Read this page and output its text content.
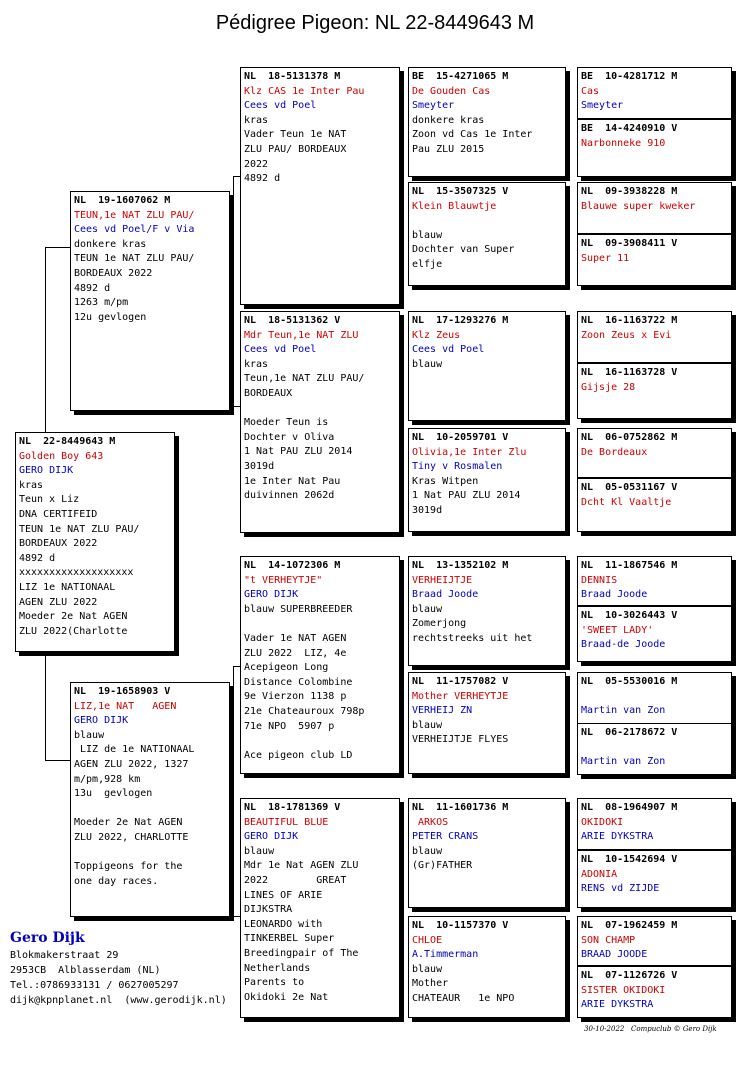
Pédigree Pigeon: NL 22-8449643 M
NL  22-8449643 M
Golden Boy 643
GERO DIJK
kras
Teun x Liz
DNA CERTIFEID
TEUN 1e NAT ZLU PAU/
BORDEAUX 2022
4892 d
xxxxxxxxxxxxxxxxxxx
LIZ 1e NATIONAAL
AGEN ZLU 2022
Moeder 2e Nat AGEN
ZLU 2022(Charlotte
NL  19-1607062 M
TEUN,1e NAT ZLU PAU/
Cees vd Poel/F v Via
donkere kras
TEUN 1e NAT ZLU PAU/
BORDEAUX 2022
4892 d
1263 m/pm
12u gevlogen
NL  19-1658903 V
LIZ,1e NAT   AGEN
GERO DIJK
blauw
LIZ de 1e NATIONAAL
AGEN ZLU 2022, 1327
m/pm,928 km
13u  gevlogen

Moeder 2e Nat AGEN
ZLU 2022, CHARLOTTE

Toppigeons for the
one day races.
NL  18-5131378 M
Klz CAS 1e Inter Pau
Cees vd Poel
kras
Vader Teun 1e NAT
ZLU PAU/ BORDEAUX
2022
4892 d
NL  18-5131362 V
Mdr Teun,1e NAT ZLU
Cees vd Poel
kras
Teun,1e NAT ZLU PAU/
BORDEAUX

Moeder Teun is
Dochter v Oliva
1 Nat PAU ZLU 2014
3019d
1e Inter Nat Pau
duivinnen 2062d
NL  14-1072306 M
"t VERHEYTJE"
GERO DIJK
blauw SUPERBREEDER

Vader 1e NAT AGEN
ZLU 2022  LIZ, 4e
Acepigeon Long
Distance Colombine
9e Vierzon 1138 p
21e Chateauroux 798p
71e NPO  5907 p

Ace pigeon club LD
NL  18-1781369 V
BEAUTIFUL BLUE
GERO DIJK
blauw
Mdr 1e Nat AGEN ZLU
2022        GREAT
LINES OF ARIE
DIJKSTRA
LEONARDO with
TINKERBEL Super
Breedingpair of The
Netherlands
Parents to
Okidoki 2e Nat
BE  15-4271065 M
De Gouden Cas
Smeyter
donkere kras
Zoon vd Cas 1e Inter
Pau ZLU 2015
NL  15-3507325 V
Klein Blauwtje

blauw
Dochter van Super
elfje
NL  17-1293276 M
Klz Zeus
Cees vd Poel
blauw
NL  10-2059701 V
Olivia,1e Inter Zlu
Tiny v Rosmalen
Kras Witpen
1 Nat PAU ZLU 2014
3019d
NL  13-1352102 M
VERHEIJTJE
Braad Joode
blauw
Zomerjong
rechtstreeks uit het
NL  11-1757082 V
Mother VERHEYTJE
VERHEIJ ZN
blauw
VERHEIJTJE FLYES
NL  11-1601736 M
ARKOS
PETER CRANS
blauw
(Gr)FATHER
NL  10-1157370 V
CHLOE
A.Timmerman
blauw
Mother
CHATEAUR   1e NPO
BE  10-4281712 M
Cas
Smeyter
BE  14-4240910 V
Narbonneke 910
NL  09-3938228 M
Blauwe super kweker
NL  09-3908411 V
Super 11
NL  16-1163722 M
Zoon Zeus x Evi
NL  16-1163728 V
Gijsje 28
NL  06-0752862 M
De Bordeaux
NL  05-0531167 V
Dcht Kl Vaaltje
NL  11-1867546 M
DENNIS
Braad Joode
NL  10-3026443 V
'SWEET LADY'
Braad-de Joode
NL  05-5530016 M

Martin van Zon
NL  06-2178672 V

Martin van Zon
NL  08-1964907 M
OKIDOKI
ARIE DYKSTRA
NL  10-1542694 V
ADONIA
RENS vd ZIJDE
NL  07-1962459 M
SON CHAMP
BRAAD JOODE
NL  07-1126726 V
SISTER OKIDOKI
ARIE DYKSTRA
Gero Dijk
Blokmakerstraat 29
2953CB  Alblasserdam (NL)
Tel.:0786933131 / 0627005297
dijk@kpnplanet.nl  (www.gerodijk.nl)
30-10-2022   Compuclub © Gero Dijk
